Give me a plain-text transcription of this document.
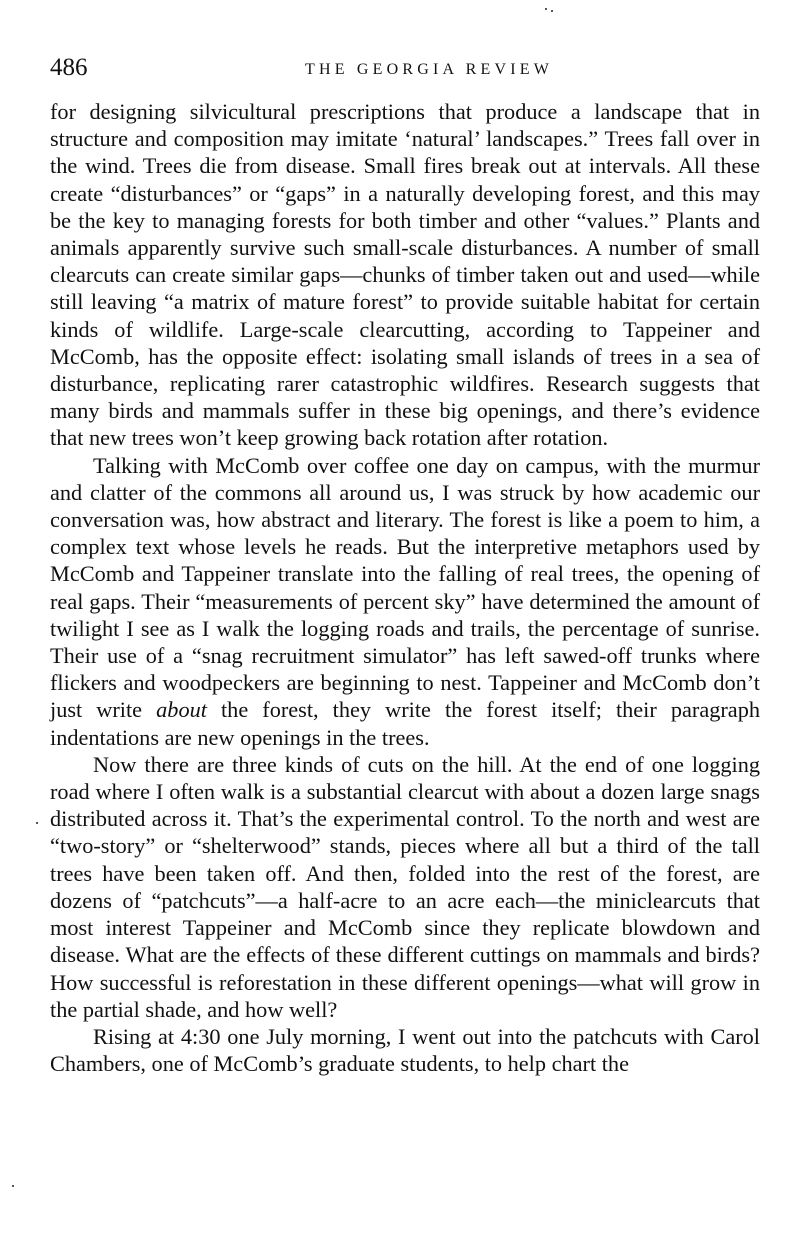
486	THE GEORGIA REVIEW

for designing silvicultural prescriptions that produce a landscape that in structure and composition may imitate ‘natural’ landscapes.” Trees fall over in the wind. Trees die from disease. Small fires break out at intervals. All these create “disturbances” or “gaps” in a naturally developing forest, and this may be the key to managing forests for both timber and other “values.” Plants and animals apparently survive such small-scale disturbances. A number of small clearcuts can create similar gaps—chunks of timber taken out and used—while still leaving “a matrix of mature forest” to provide suitable habitat for certain kinds of wildlife. Large-scale clearcutting, according to Tappeiner and McComb, has the opposite effect: isolating small islands of trees in a sea of disturbance, replicating rarer catastrophic wildfires. Research suggests that many birds and mammals suffer in these big openings, and there’s evidence that new trees won’t keep growing back rotation after rotation.

Talking with McComb over coffee one day on campus, with the murmur and clatter of the commons all around us, I was struck by how academic our conversation was, how abstract and literary. The forest is like a poem to him, a complex text whose levels he reads. But the interpretive metaphors used by McComb and Tappeiner translate into the falling of real trees, the opening of real gaps. Their “measurements of percent sky” have determined the amount of twilight I see as I walk the logging roads and trails, the percentage of sunrise. Their use of a “snag recruitment simulator” has left sawed-off trunks where flickers and woodpeckers are beginning to nest. Tappeiner and McComb don’t just write about the forest, they write the forest itself; their paragraph indentations are new openings in the trees.

Now there are three kinds of cuts on the hill. At the end of one logging road where I often walk is a substantial clearcut with about a dozen large snags distributed across it. That’s the experimental control. To the north and west are “two-story” or “shelterwood” stands, pieces where all but a third of the tall trees have been taken off. And then, folded into the rest of the forest, are dozens of “patchcuts”—a half-acre to an acre each—the miniclearcuts that most interest Tappeiner and McComb since they replicate blowdown and disease. What are the effects of these different cuttings on mammals and birds? How successful is reforestation in these different openings—what will grow in the partial shade, and how well?

Rising at 4:30 one July morning, I went out into the patchcuts with Carol Chambers, one of McComb’s graduate students, to help chart the
